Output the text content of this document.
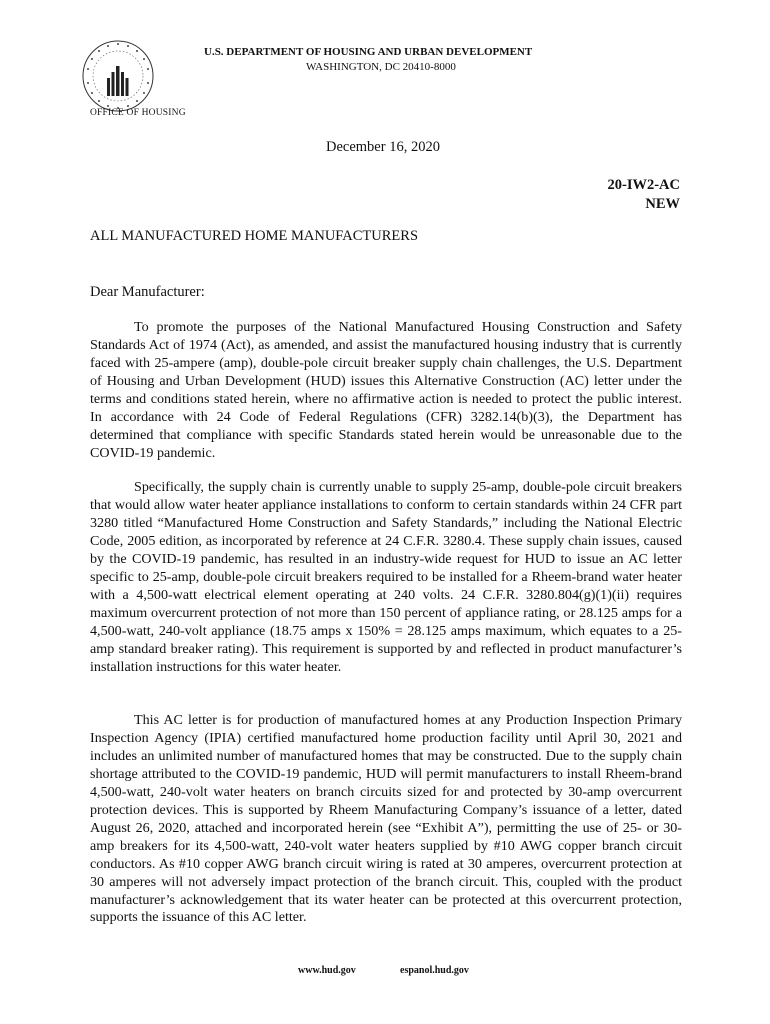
OFFICE OF HOUSING
U.S. DEPARTMENT OF HOUSING AND URBAN DEVELOPMENT
WASHINGTON, DC 20410-8000
December 16, 2020
20-IW2-AC
NEW
ALL MANUFACTURED HOME MANUFACTURERS
Dear Manufacturer:

To promote the purposes of the National Manufactured Housing Construction and Safety Standards Act of 1974 (Act), as amended, and assist the manufactured housing industry that is currently faced with 25-ampere (amp), double-pole circuit breaker supply chain challenges, the U.S. Department of Housing and Urban Development (HUD) issues this Alternative Construction (AC) letter under the terms and conditions stated herein, where no affirmative action is needed to protect the public interest. In accordance with 24 Code of Federal Regulations (CFR) 3282.14(b)(3), the Department has determined that compliance with specific Standards stated herein would be unreasonable due to the COVID-19 pandemic.

Specifically, the supply chain is currently unable to supply 25-amp, double-pole circuit breakers that would allow water heater appliance installations to conform to certain standards within 24 CFR part 3280 titled “Manufactured Home Construction and Safety Standards,” including the National Electric Code, 2005 edition, as incorporated by reference at 24 C.F.R. 3280.4. These supply chain issues, caused by the COVID-19 pandemic, has resulted in an industry-wide request for HUD to issue an AC letter specific to 25-amp, double-pole circuit breakers required to be installed for a Rheem-brand water heater with a 4,500-watt electrical element operating at 240 volts. 24 C.F.R. 3280.804(g)(1)(ii) requires maximum overcurrent protection of not more than 150 percent of appliance rating, or 28.125 amps for a 4,500-watt, 240-volt appliance (18.75 amps x 150% = 28.125 amps maximum, which equates to a 25-amp standard breaker rating). This requirement is supported by and reflected in product manufacturer’s installation instructions for this water heater.

This AC letter is for production of manufactured homes at any Production Inspection Primary Inspection Agency (IPIA) certified manufactured home production facility until April 30, 2021 and includes an unlimited number of manufactured homes that may be constructed. Due to the supply chain shortage attributed to the COVID-19 pandemic, HUD will permit manufacturers to install Rheem-brand 4,500-watt, 240-volt water heaters on branch circuits sized for and protected by 30-amp overcurrent protection devices. This is supported by Rheem Manufacturing Company’s issuance of a letter, dated August 26, 2020, attached and incorporated herein (see “Exhibit A”), permitting the use of 25- or 30-amp breakers for its 4,500-watt, 240-volt water heaters supplied by #10 AWG copper branch circuit conductors. As #10 copper AWG branch circuit wiring is rated at 30 amperes, overcurrent protection at 30 amperes will not adversely impact protection of the branch circuit. This, coupled with the product manufacturer’s acknowledgement that its water heater can be protected at this overcurrent protection, supports the issuance of this AC letter.

www.hud.gov	espanol.hud.gov
